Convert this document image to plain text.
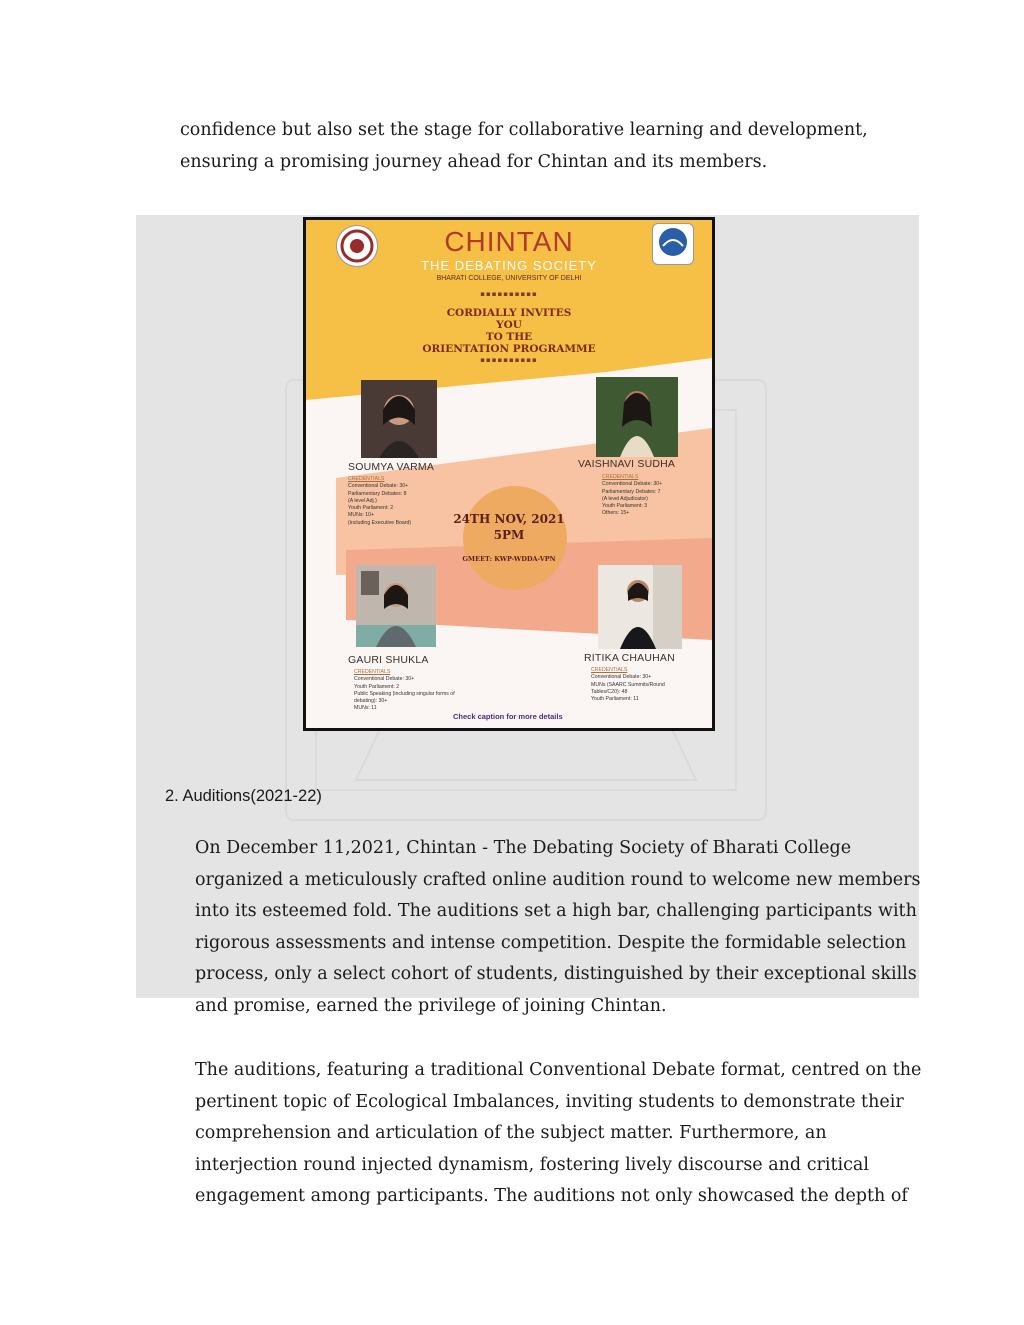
confidence but also set the stage for collaborative learning and development, ensuring a promising journey ahead for Chintan and its members.

CHINTAN
THE DEBATING SOCIETY
BHARATI COLLEGE, UNIVERSITY OF DELHI
▪▪▪▪▪▪▪▪▪▪
CORDIALLY INVITES
YOU
TO THE
ORIENTATION PROGRAMME
▪▪▪▪▪▪▪▪▪▪
SOUMYA VARMA
CREDENTIALS
Conventional Debate: 30+
Parliamentary Debates: 8
(A level Adj.)
Youth Parliament: 2
MUNs: 10+
(including Executive Board)
VAISHNAVI SUDHA
CREDENTIALS
Conventional Debate: 30+
Parliamentary Debates: 7
(A level Adjudicator)
Youth Parliament: 3
Others: 15+
24TH NOV, 2021
5PM
GMEET: KWP-WDDA-VPN
GAURI SHUKLA
CREDENTIALS
Conventional Debate: 30+
Youth Parliament: 2
Public Speaking (including singular forms of
debating): 30+
MUNs: 11
RITIKA CHAUHAN
CREDENTIALS
Conventional Debate: 30+
MUNs (SAARC Summits/Round
Tables/C20): 48
Youth Parliament: 11
Check caption for more details
2. Auditions(2021-22)

On December 11,2021, Chintan - The Debating Society of Bharati College organized a meticulously crafted online audition round to welcome new members into its esteemed fold. The auditions set a high bar, challenging participants with rigorous assessments and intense competition. Despite the formidable selection process, only a select cohort of students, distinguished by their exceptional skills and promise, earned the privilege of joining Chintan.

The auditions, featuring a traditional Conventional Debate format, centred on the pertinent topic of Ecological Imbalances, inviting students to demonstrate their comprehension and articulation of the subject matter. Furthermore, an interjection round injected dynamism, fostering lively discourse and critical engagement among participants. The auditions not only showcased the depth of
